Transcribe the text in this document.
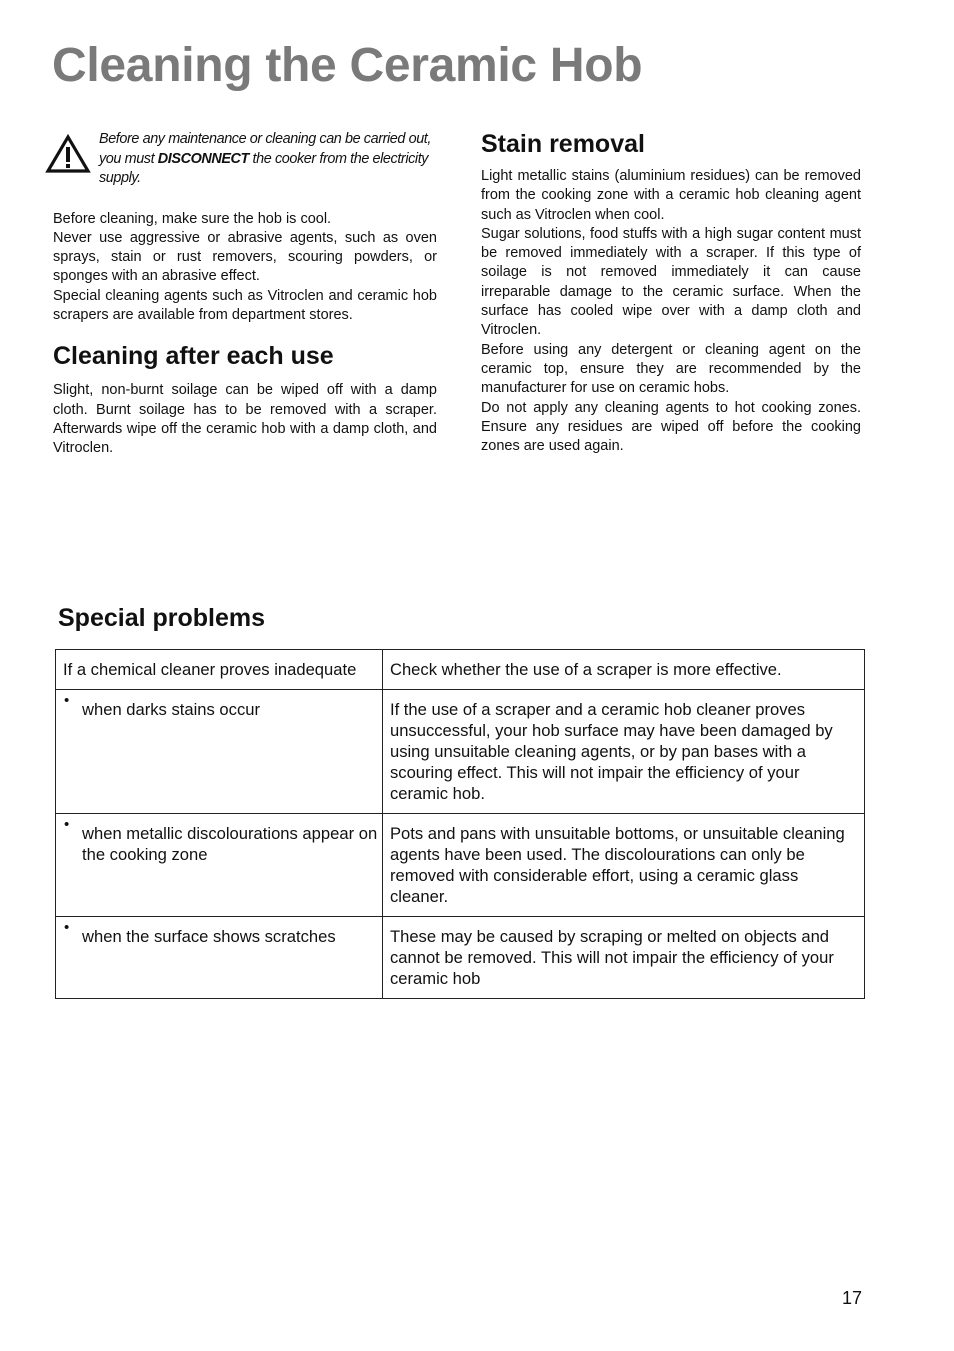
Cleaning the Ceramic Hob

Before any maintenance or cleaning can be carried out, you must DISCONNECT the cooker from the electricity supply.

Before cleaning, make sure the hob is cool.

Never use aggressive or abrasive agents, such as oven sprays, stain or rust removers, scouring powders, or sponges with an abrasive effect.

Special cleaning agents such as Vitroclen and ceramic hob scrapers are available from department stores.

Cleaning after each use

Slight, non-burnt soilage can be wiped off with a damp cloth. Burnt soilage has to be removed with a scraper. Afterwards wipe off the ceramic hob with a damp cloth, and Vitroclen.

Stain removal

Light metallic stains (aluminium residues) can be removed from the cooking zone with a ceramic hob cleaning agent such as Vitroclen when cool.

Sugar solutions, food stuffs with a high sugar content must be removed immediately with a scraper. If this type of soilage is not removed immediately it can cause irreparable damage to the ceramic surface. When the surface has cooled wipe over with a damp cloth and Vitroclen.

Before using any detergent or cleaning agent on the ceramic top, ensure they are recommended by the manufacturer for use on ceramic hobs.

Do not apply any cleaning agents to hot cooking zones. Ensure any residues are wiped off before the cooking zones are used again.

Special problems
If a chemical cleaner proves inadequate	Check whether the use of a scraper is more effective.

• when darks stains occur	If the use of a scraper and a ceramic hob cleaner proves unsuccessful, your hob surface may have been damaged by using unsuitable cleaning agents, or by pan bases with a scouring effect. This will not impair the efficiency of your ceramic hob.

• when metallic discolourations appear on the cooking zone	Pots and pans with unsuitable bottoms, or unsuitable cleaning agents have been used. The discolourations can only be removed with considerable effort, using a ceramic glass cleaner.

• when the surface shows scratches	These may be caused by scraping or melted on objects and cannot be removed. This will not impair the efficiency of your ceramic hob
17
